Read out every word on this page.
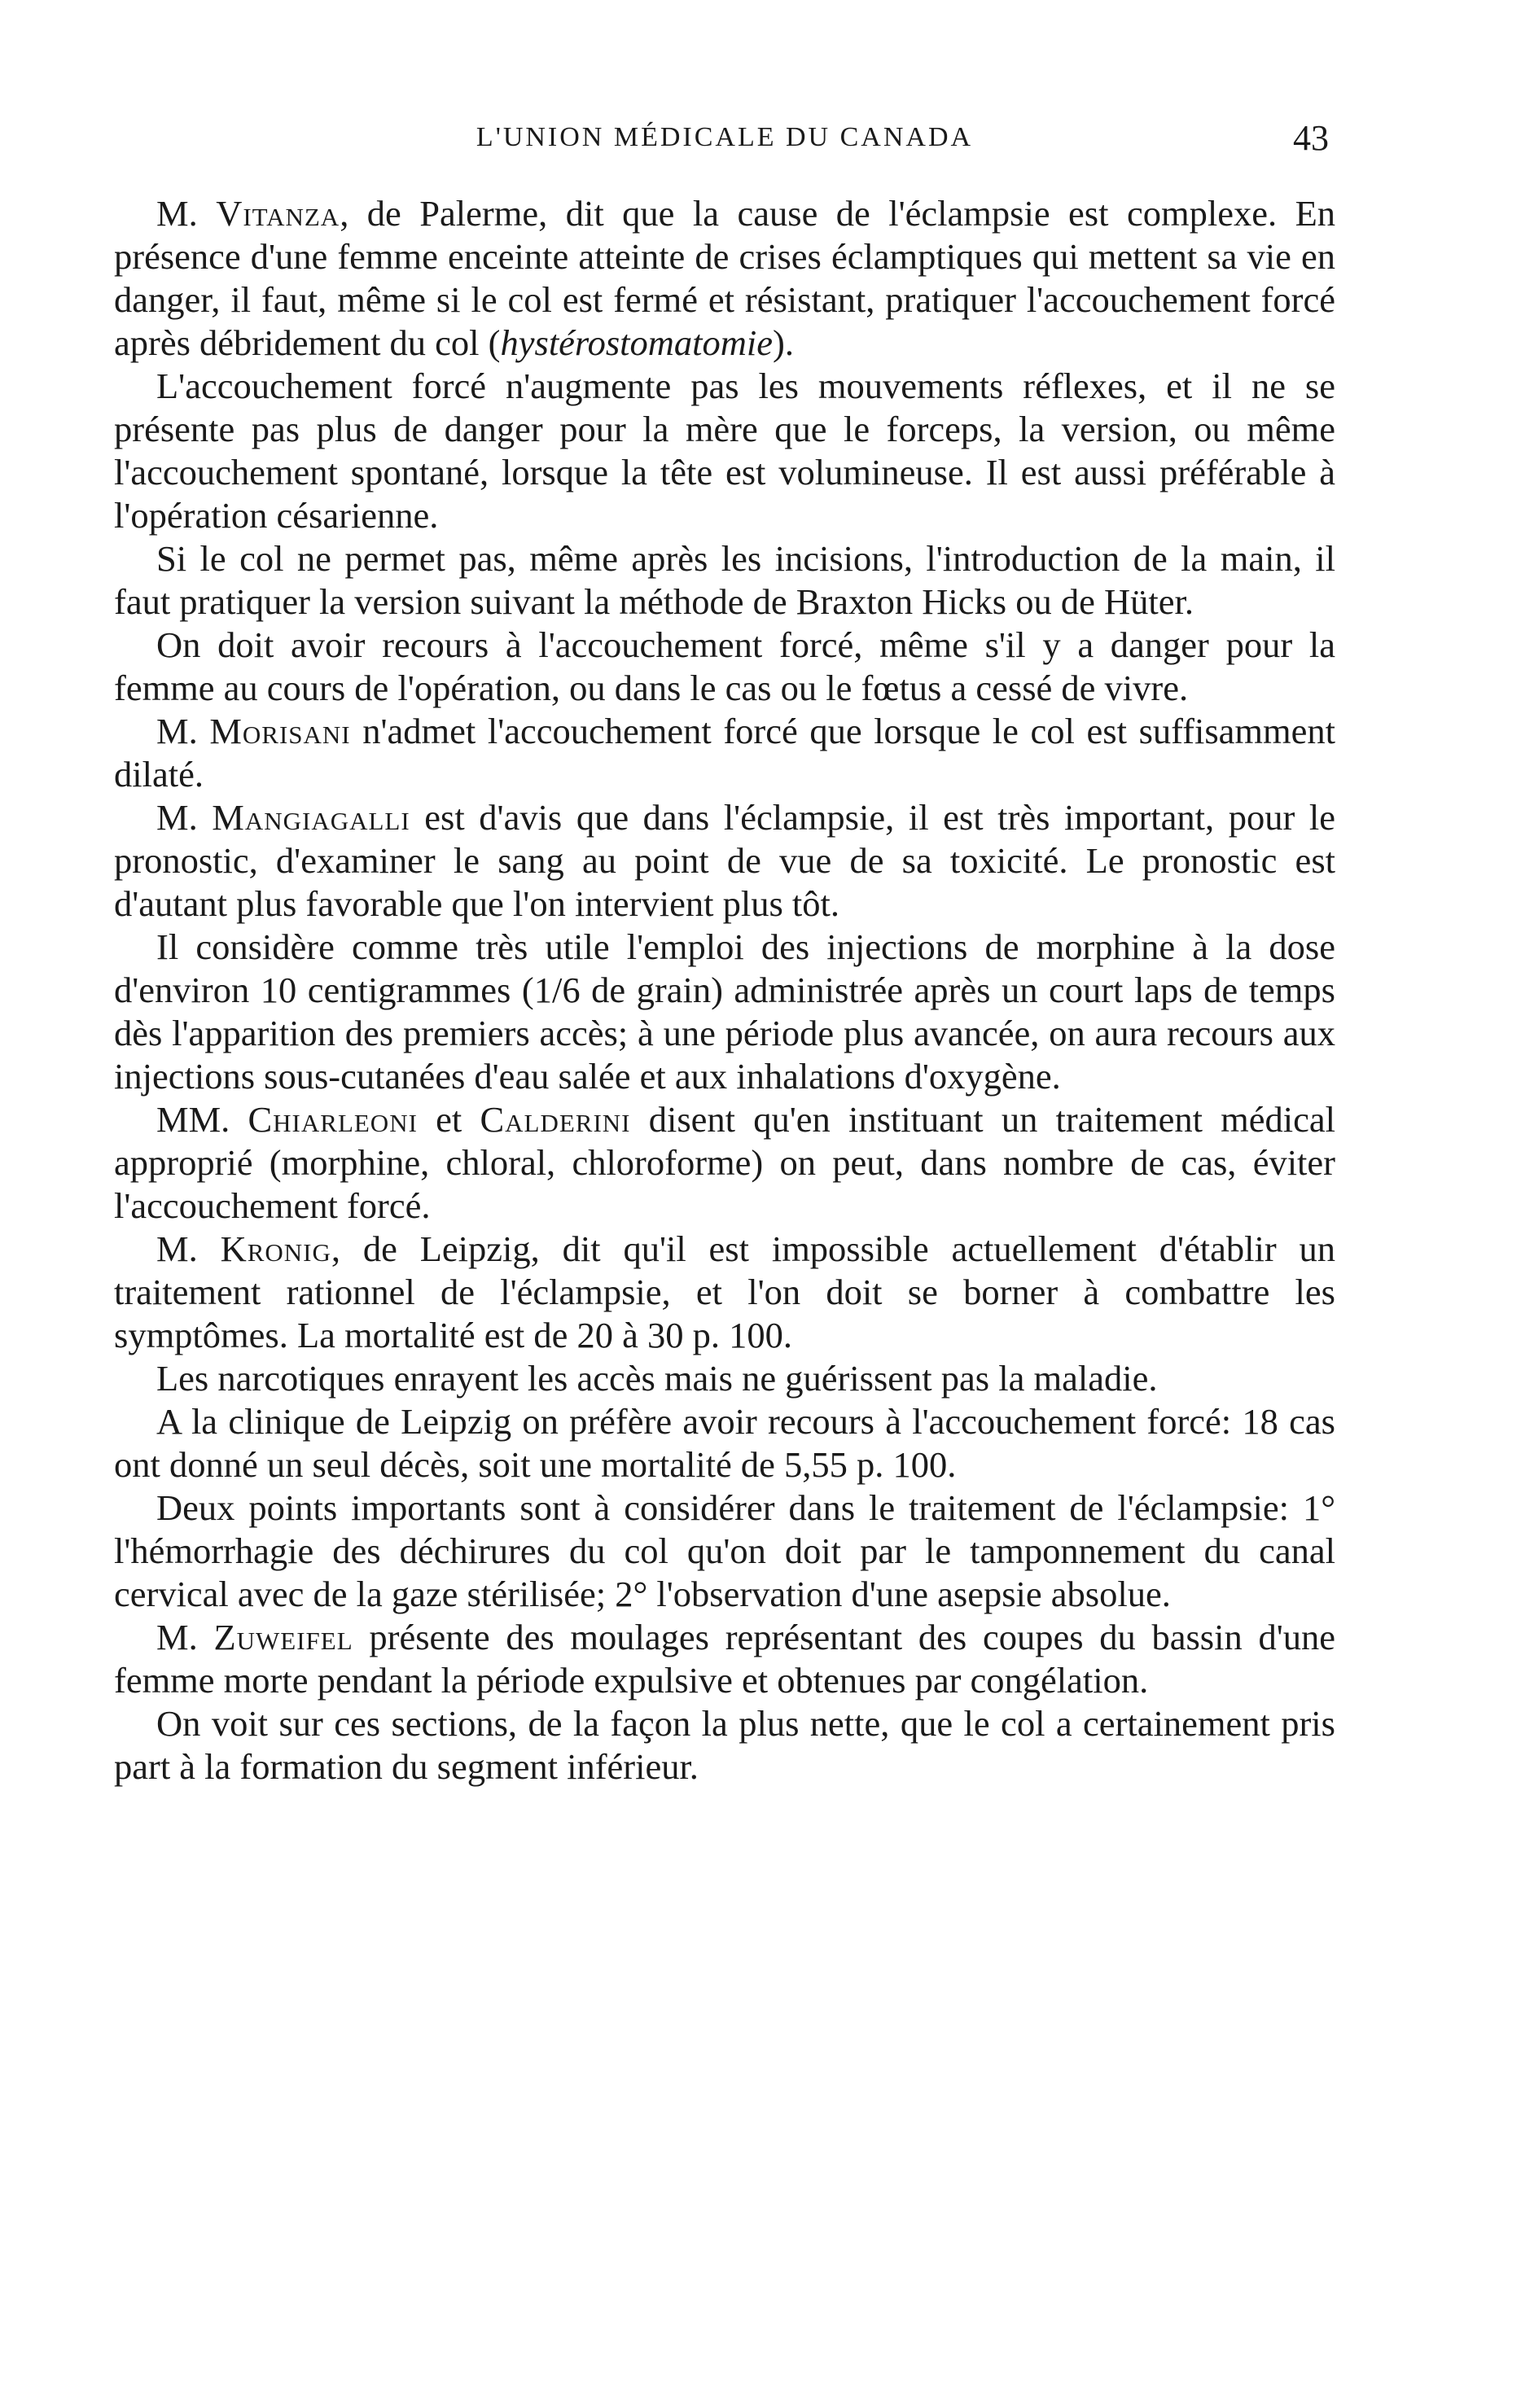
L'UNION MÉDICALE DU CANADA	43

M. Vitanza, de Palerme, dit que la cause de l'éclampsie est complexe. En présence d'une femme enceinte atteinte de crises éclamptiques qui mettent sa vie en danger, il faut, même si le col est fermé et résistant, pratiquer l'accouchement forcé après débridement du col (hystérostomatomie).

L'accouchement forcé n'augmente pas les mouvements réflexes, et il ne se présente pas plus de danger pour la mère que le forceps, la version, ou même l'accouchement spontané, lorsque la tête est volumineuse. Il est aussi préférable à l'opération césarienne.

Si le col ne permet pas, même après les incisions, l'introduction de la main, il faut pratiquer la version suivant la méthode de Braxton Hicks ou de Hüter.

On doit avoir recours à l'accouchement forcé, même s'il y a danger pour la femme au cours de l'opération, ou dans le cas ou le fœtus a cessé de vivre.

M. Morisani n'admet l'accouchement forcé que lorsque le col est suffisamment dilaté.

M. Mangiagalli est d'avis que dans l'éclampsie, il est très important, pour le pronostic, d'examiner le sang au point de vue de sa toxicité. Le pronostic est d'autant plus favorable que l'on intervient plus tôt.

Il considère comme très utile l'emploi des injections de morphine à la dose d'environ 10 centigrammes (1/6 de grain) administrée après un court laps de temps dès l'apparition des premiers accès; à une période plus avancée, on aura recours aux injections sous-cutanées d'eau salée et aux inhalations d'oxygène.

MM. Chiarleoni et Calderini disent qu'en instituant un traitement médical approprié (morphine, chloral, chloroforme) on peut, dans nombre de cas, éviter l'accouchement forcé.

M. Kronig, de Leipzig, dit qu'il est impossible actuellement d'établir un traitement rationnel de l'éclampsie, et l'on doit se borner à combattre les symptômes. La mortalité est de 20 à 30 p. 100.

Les narcotiques enrayent les accès mais ne guérissent pas la maladie.

A la clinique de Leipzig on préfère avoir recours à l'accouchement forcé: 18 cas ont donné un seul décès, soit une mortalité de 5,55 p. 100.

Deux points importants sont à considérer dans le traitement de l'éclampsie: 1° l'hémorrhagie des déchirures du col qu'on doit par le tamponnement du canal cervical avec de la gaze stérilisée; 2° l'observation d'une asepsie absolue.

M. Zuweifel présente des moulages représentant des coupes du bassin d'une femme morte pendant la période expulsive et obtenues par congélation.

On voit sur ces sections, de la façon la plus nette, que le col a certainement pris part à la formation du segment inférieur.
